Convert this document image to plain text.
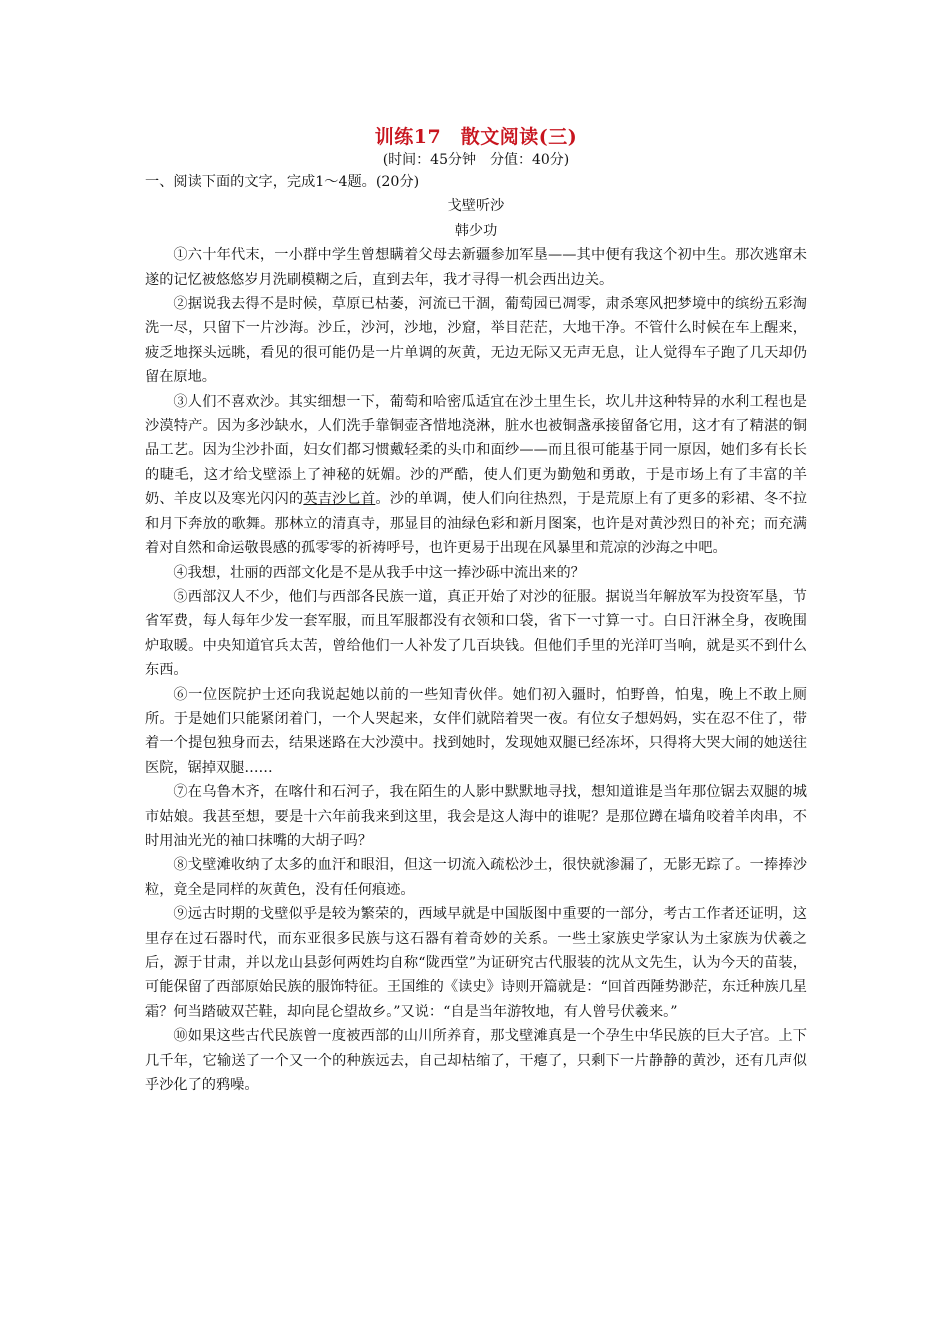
训练17　散文阅读(三)

(时间：45分钟　分值：40分)

一、阅读下面的文字，完成1～4题。(20分)

戈壁听沙

韩少功

①六十年代末，一小群中学生曾想瞒着父母去新疆参加军垦——其中便有我这个初中生。那次逃窜未遂的记忆被悠悠岁月洗刷模糊之后，直到去年，我才寻得一机会西出边关。

②据说我去得不是时候，草原已枯萎，河流已干涸，葡萄园已凋零，肃杀寒风把梦境中的缤纷五彩淘洗一尽，只留下一片沙海。沙丘，沙河，沙地，沙窟，举目茫茫，大地干净。不管什么时候在车上醒来，疲乏地探头远眺，看见的很可能仍是一片单调的灰黄，无边无际又无声无息，让人觉得车子跑了几天却仍留在原地。

③人们不喜欢沙。其实细想一下，葡萄和哈密瓜适宜在沙土里生长，坎儿井这种特异的水利工程也是沙漠特产。因为多沙缺水，人们洗手靠铜壶吝惜地浇淋，脏水也被铜盏承接留备它用，这才有了精湛的铜品工艺。因为尘沙扑面，妇女们都习惯戴轻柔的头巾和面纱——而且很可能基于同一原因，她们多有长长的睫毛，这才给戈壁添上了神秘的妩媚。沙的严酷，使人们更为勤勉和勇敢，于是市场上有了丰富的羊奶、羊皮以及寒光闪闪的英吉沙匕首。沙的单调，使人们向往热烈，于是荒原上有了更多的彩裙、冬不拉和月下奔放的歌舞。那林立的清真寺，那显目的油绿色彩和新月图案，也许是对黄沙烈日的补充；而充满着对自然和命运敬畏感的孤零零的祈祷呼号，也许更易于出现在风暴里和荒凉的沙海之中吧。

④我想，壮丽的西部文化是不是从我手中这一捧沙砾中流出来的？

⑤西部汉人不少，他们与西部各民族一道，真正开始了对沙的征服。据说当年解放军为投资军垦，节省军费，每人每年少发一套军服，而且军服都没有衣领和口袋，省下一寸算一寸。白日汗淋全身，夜晚围炉取暖。中央知道官兵太苦，曾给他们一人补发了几百块钱。但他们手里的光洋叮当响，就是买不到什么东西。

⑥一位医院护士还向我说起她以前的一些知青伙伴。她们初入疆时，怕野兽，怕鬼，晚上不敢上厕所。于是她们只能紧闭着门，一个人哭起来，女伴们就陪着哭一夜。有位女子想妈妈，实在忍不住了，带着一个提包独身而去，结果迷路在大沙漠中。找到她时，发现她双腿已经冻坏，只得将大哭大闹的她送往医院，锯掉双腿……

⑦在乌鲁木齐，在喀什和石河子，我在陌生的人影中默默地寻找，想知道谁是当年那位锯去双腿的城市姑娘。我甚至想，要是十六年前我来到这里，我会是这人海中的谁呢？是那位蹲在墙角咬着羊肉串，不时用油光光的袖口抹嘴的大胡子吗？

⑧戈壁滩收纳了太多的血汗和眼泪，但这一切流入疏松沙土，很快就渗漏了，无影无踪了。一捧捧沙粒，竟全是同样的灰黄色，没有任何痕迹。

⑨远古时期的戈壁似乎是较为繁荣的，西域早就是中国版图中重要的一部分，考古工作者还证明，这里存在过石器时代，而东亚很多民族与这石器有着奇妙的关系。一些土家族史学家认为土家族为伏羲之后，源于甘肃，并以龙山县彭何两姓均自称“陇西堂”为证研究古代服装的沈从文先生，认为今天的苗装，可能保留了西部原始民族的服饰特征。王国维的《读史》诗则开篇就是：“回首西陲势渺茫，东迁种族几星霜？何当踏破双芒鞋，却向昆仑望故乡。”又说：“自是当年游牧地，有人曾号伏羲来。”

⑩如果这些古代民族曾一度被西部的山川所养育，那戈壁滩真是一个孕生中华民族的巨大子宫。上下几千年，它输送了一个又一个的种族远去，自己却枯缩了，干瘪了，只剩下一片静静的黄沙，还有几声似乎沙化了的鸦噪。
